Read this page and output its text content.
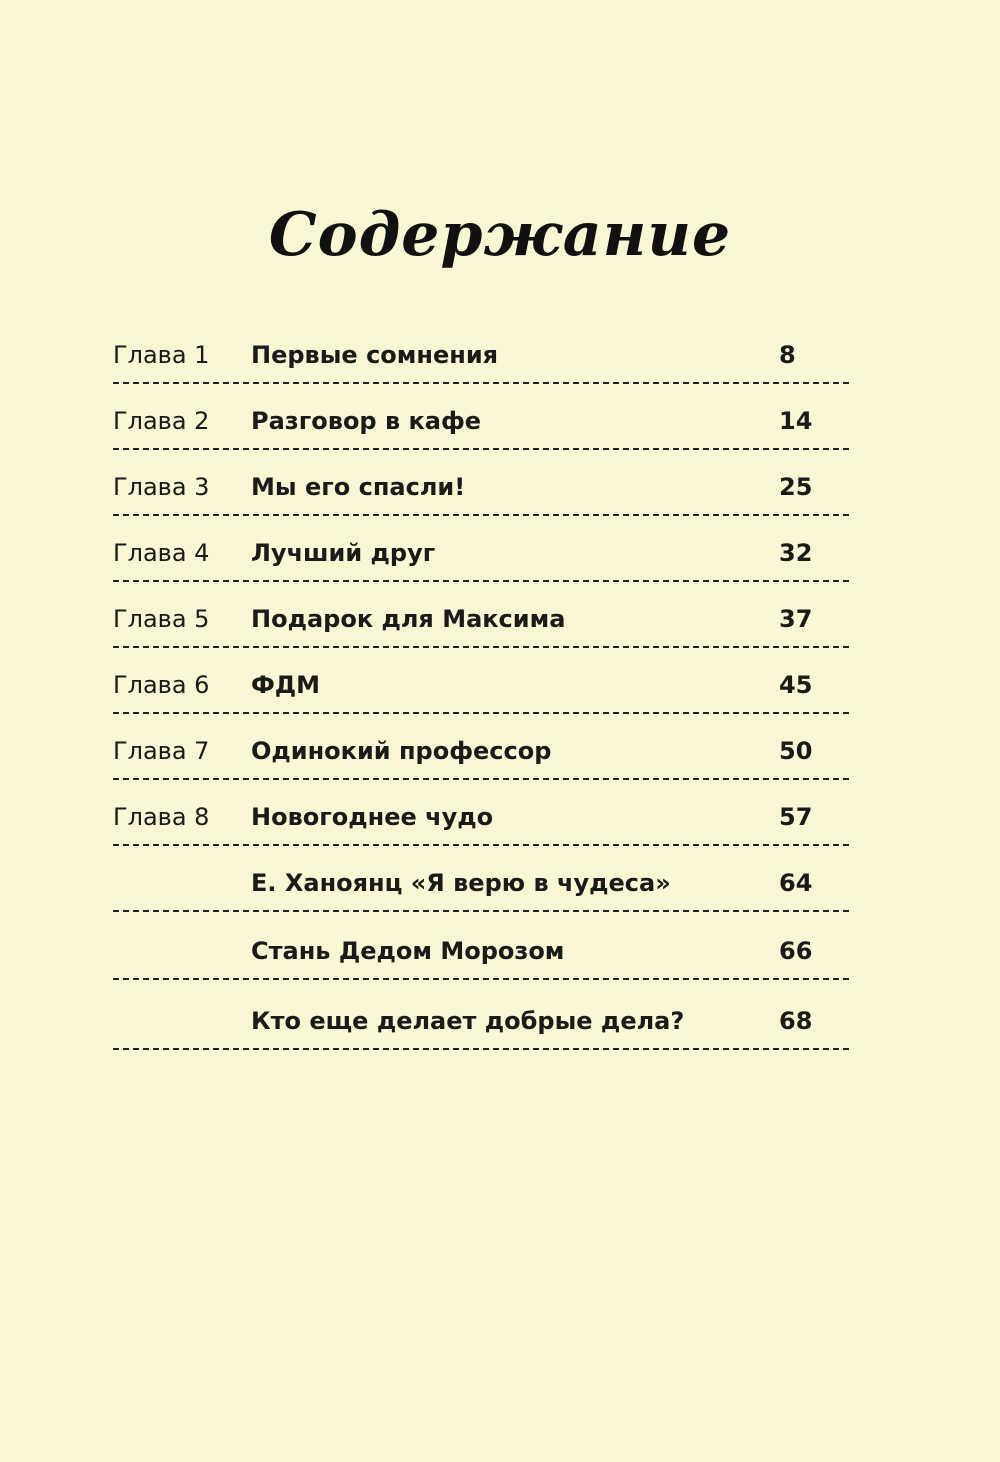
Содержание
Глава 1 Первые сомнения	8
Глава 2 Разговор в кафе	14
Глава 3 Мы его спасли!	25
Глава 4 Лучший друг	32
Глава 5 Подарок для Максима	37
Глава 6 ФДМ	45
Глава 7 Одинокий профессор	50
Глава 8 Новогоднее чудо	57
Е. Ханоянц «Я верю в чудеса»	64
Стань Дедом Морозом	66
Кто еще делает добрые дела?	68
